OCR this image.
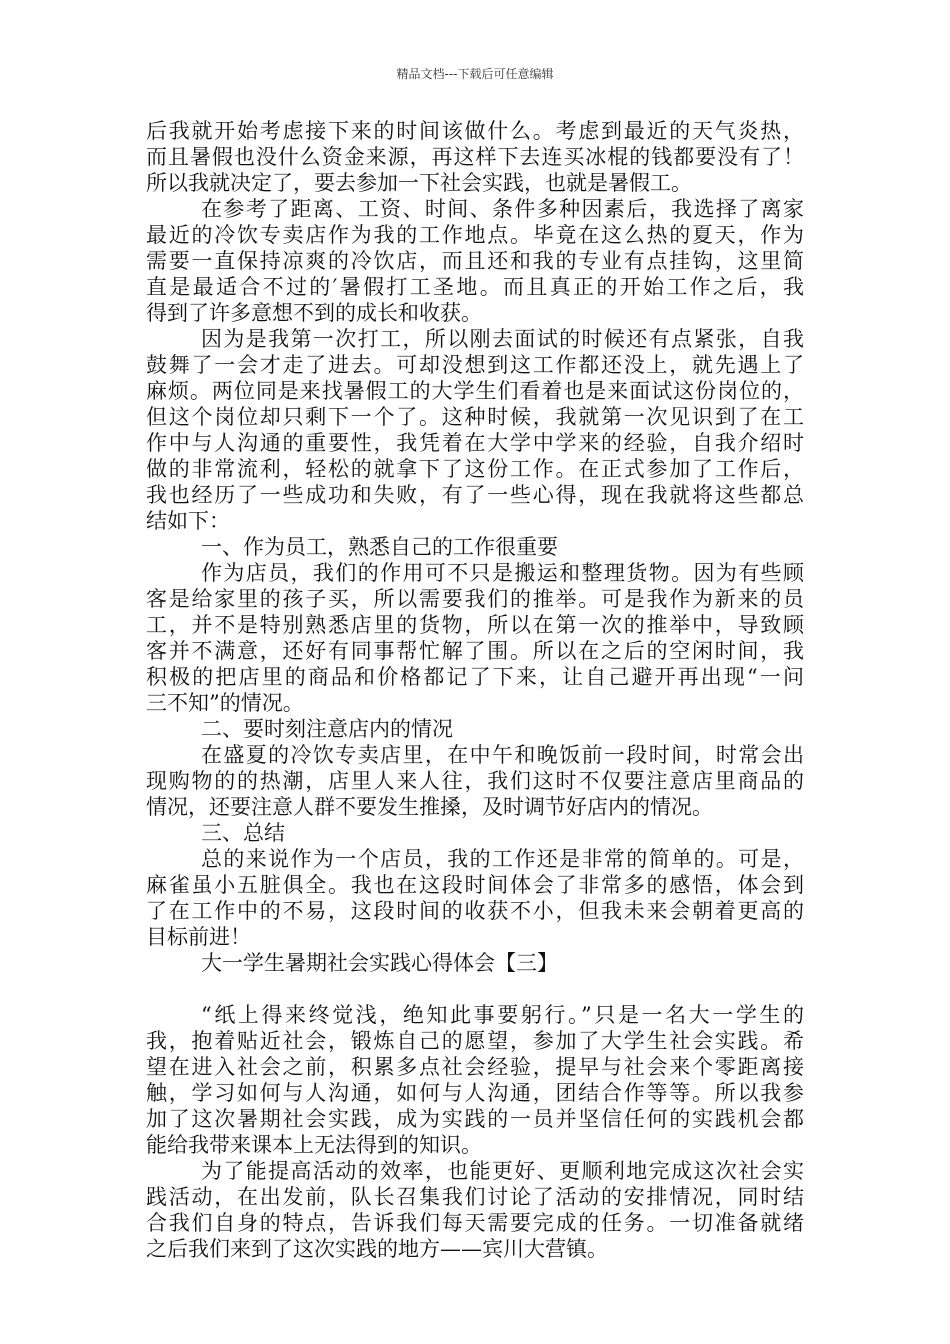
精品文档---下载后可任意编辑
后我就开始考虑接下来的时间该做什么。考虑到最近的天气炎热，
而且暑假也没什么资金来源，再这样下去连买冰棍的钱都要没有了！
所以我就决定了，要去参加一下社会实践，也就是暑假工。
在参考了距离、工资、时间、条件多种因素后，我选择了离家
最近的冷饮专卖店作为我的工作地点。毕竟在这么热的夏天，作为
需要一直保持凉爽的冷饮店，而且还和我的专业有点挂钩，这里简
直是最适合不过的′暑假打工圣地。而且真正的开始工作之后，我
得到了许多意想不到的成长和收获。
因为是我第一次打工，所以刚去面试的时候还有点紧张，自我
鼓舞了一会才走了进去。可却没想到这工作都还没上，就先遇上了
麻烦。两位同是来找暑假工的大学生们看着也是来面试这份岗位的，
但这个岗位却只剩下一个了。这种时候，我就第一次见识到了在工
作中与人沟通的重要性，我凭着在大学中学来的经验，自我介绍时
做的非常流利，轻松的就拿下了这份工作。在正式参加了工作后，
我也经历了一些成功和失败，有了一些心得，现在我就将这些都总
结如下：
一、作为员工，熟悉自己的工作很重要
作为店员，我们的作用可不只是搬运和整理货物。因为有些顾
客是给家里的孩子买，所以需要我们的推举。可是我作为新来的员
工，并不是特别熟悉店里的货物，所以在第一次的推举中，导致顾
客并不满意，还好有同事帮忙解了围。所以在之后的空闲时间，我
积极的把店里的商品和价格都记了下来，让自己避开再出现“一问
三不知”的情况。
二、要时刻注意店内的情况
在盛夏的冷饮专卖店里，在中午和晚饭前一段时间，时常会出
现购物的的热潮，店里人来人往，我们这时不仅要注意店里商品的
情况，还要注意人群不要发生推搡，及时调节好店内的情况。
三、总结
总的来说作为一个店员，我的工作还是非常的简单的。可是，
麻雀虽小五脏俱全。我也在这段时间体会了非常多的感悟，体会到
了在工作中的不易，这段时间的收获不小，但我未来会朝着更高的
目标前进！
大一学生暑期社会实践心得体会【三】
“纸上得来终觉浅，绝知此事要躬行。”只是一名大一学生的
我，抱着贴近社会，锻炼自己的愿望，参加了大学生社会实践。希
望在进入社会之前，积累多点社会经验，提早与社会来个零距离接
触，学习如何与人沟通，如何与人沟通，团结合作等等。所以我参
加了这次暑期社会实践，成为实践的一员并坚信任何的实践机会都
能给我带来课本上无法得到的知识。
为了能提高活动的效率，也能更好、更顺利地完成这次社会实
践活动，在出发前，队长召集我们讨论了活动的安排情况，同时结
合我们自身的特点，告诉我们每天需要完成的任务。一切准备就绪
之后我们来到了这次实践的地方——宾川大营镇。
